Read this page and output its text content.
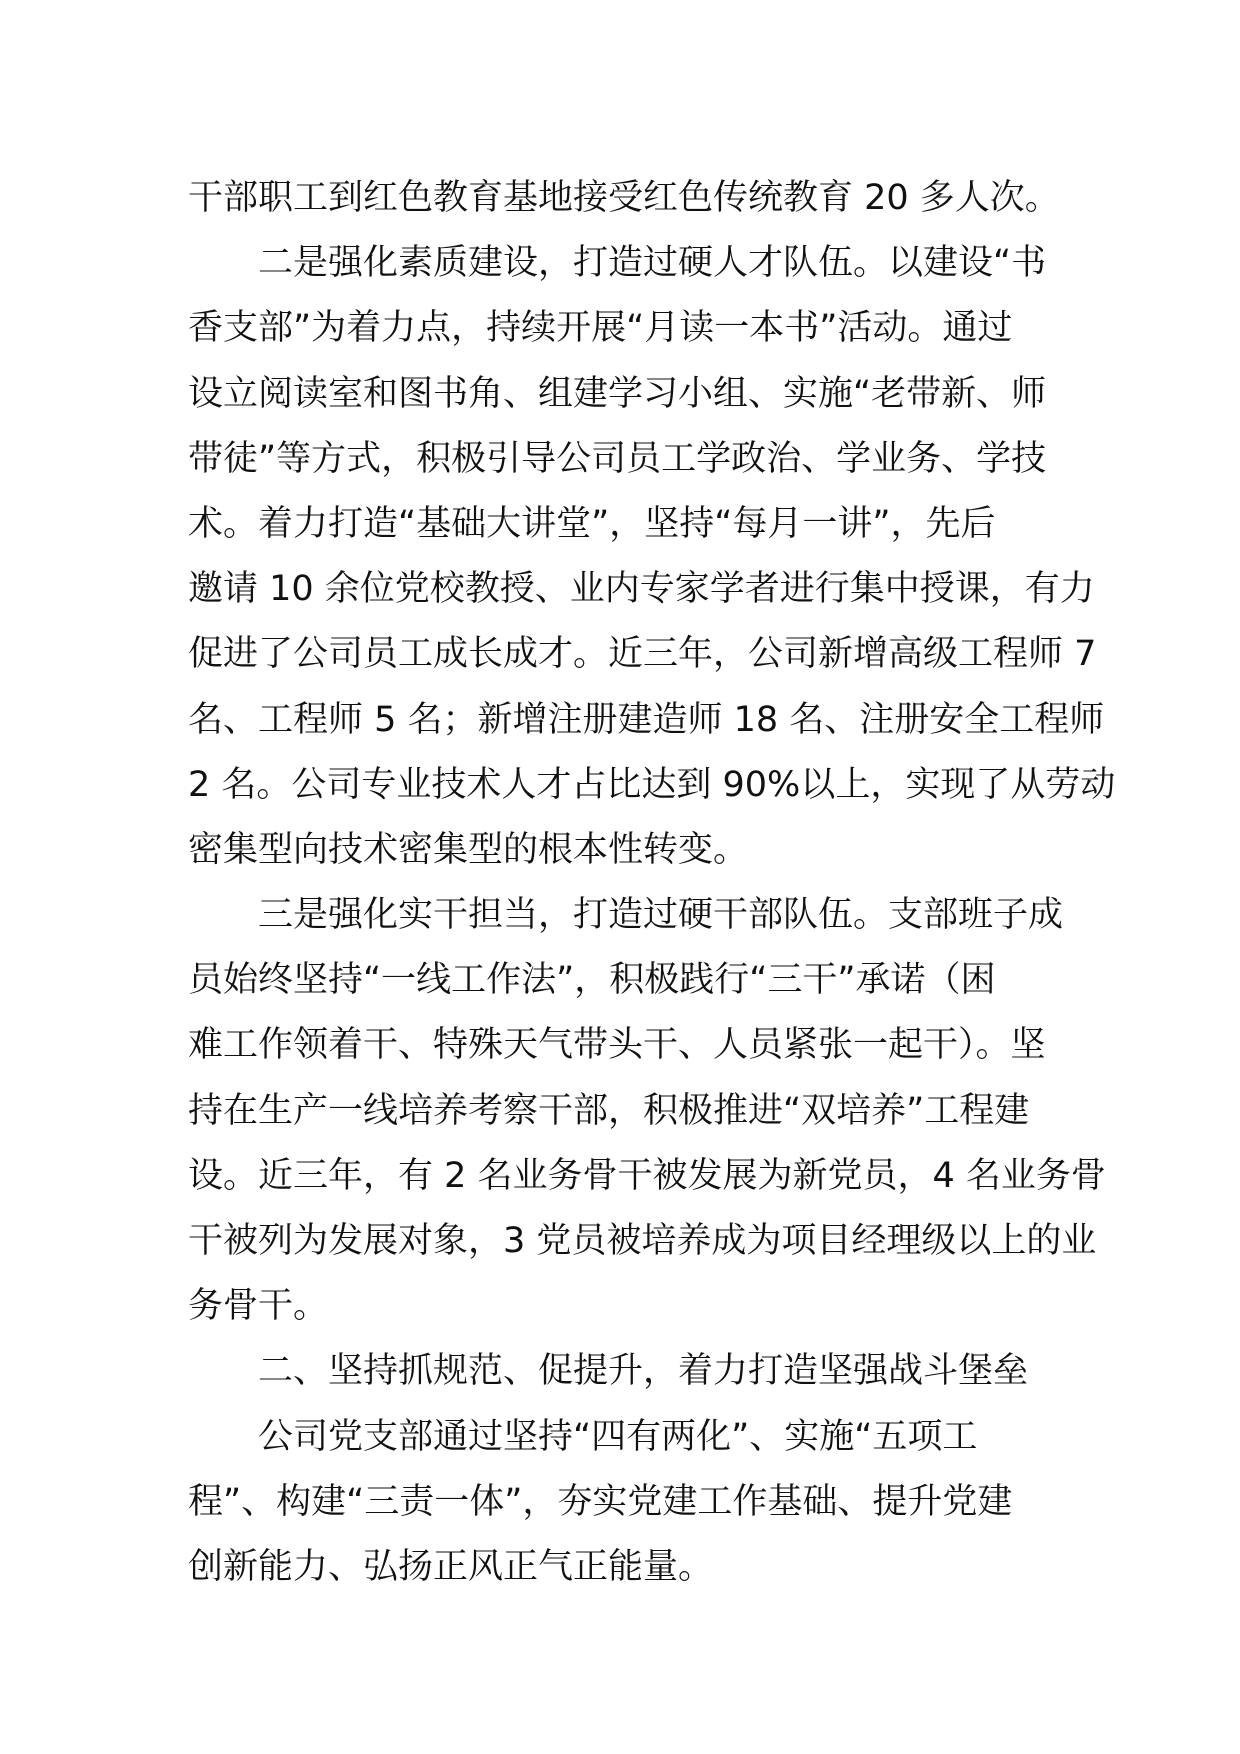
干部职工到红色教育基地接受红色传统教育 20 多人次。
二是强化素质建设，打造过硬人才队伍。以建设“书
香支部”为着力点，持续开展“月读一本书”活动。通过
设立阅读室和图书角、组建学习小组、实施“老带新、师
带徒”等方式，积极引导公司员工学政治、学业务、学技
术。着力打造“基础大讲堂”，坚持“每月一讲”，先后
邀请 10 余位党校教授、业内专家学者进行集中授课，有力
促进了公司员工成长成才。近三年，公司新增高级工程师 7
名、工程师 5 名；新增注册建造师 18 名、注册安全工程师
2 名。公司专业技术人才占比达到 90%以上，实现了从劳动
密集型向技术密集型的根本性转变。
三是强化实干担当，打造过硬干部队伍。支部班子成
员始终坚持“一线工作法”，积极践行“三干”承诺（困
难工作领着干、特殊天气带头干、人员紧张一起干）。坚
持在生产一线培养考察干部，积极推进“双培养”工程建
设。近三年，有 2 名业务骨干被发展为新党员，4 名业务骨
干被列为发展对象，3 党员被培养成为项目经理级以上的业
务骨干。
二、坚持抓规范、促提升，着力打造坚强战斗堡垒
公司党支部通过坚持“四有两化”、实施“五项工
程”、构建“三责一体”，夯实党建工作基础、提升党建
创新能力、弘扬正风正气正能量。
